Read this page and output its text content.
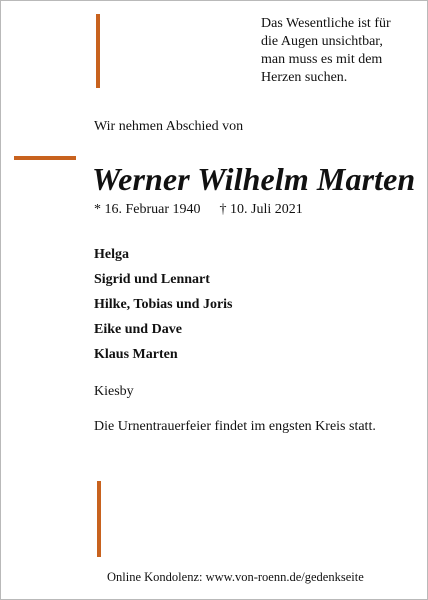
Das Wesentliche ist für
die Augen unsichtbar,
man muss es mit dem
Herzen suchen.
Wir nehmen Abschied von
Werner Wilhelm Marten
* 16. Februar 1940 † 10. Juli 2021
Helga
Sigrid und Lennart
Hilke, Tobias und Joris
Eike und Dave
Klaus Marten
Kiesby
Die Urnentrauerfeier findet im engsten Kreis statt.
Online Kondolenz: www.von-roenn.de/gedenkseite
